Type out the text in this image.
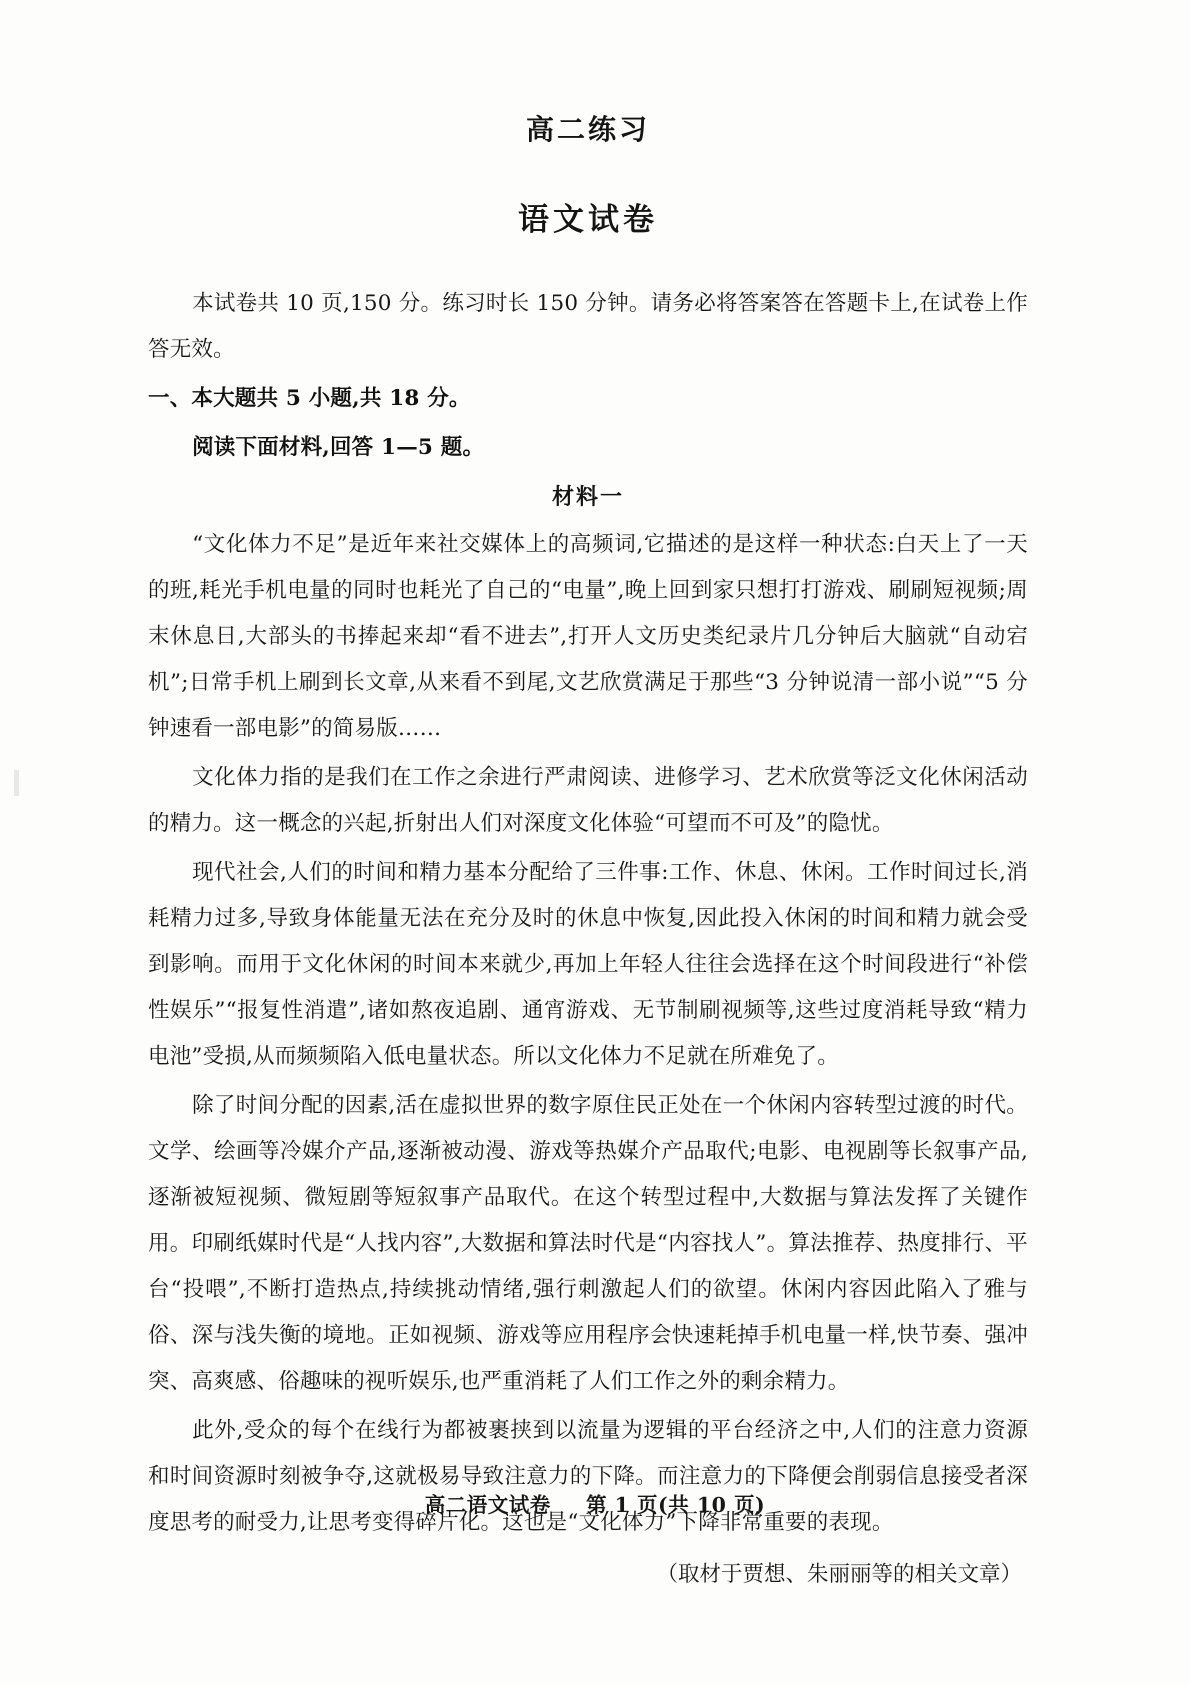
高二练习
语文试卷

本试卷共 10 页,150 分。练习时长 150 分钟。请务必将答案答在答题卡上,在试卷上作答无效。

一、本大题共 5 小题,共 18 分。

阅读下面材料,回答 1—5 题。

材料一

“文化体力不足”是近年来社交媒体上的高频词,它描述的是这样一种状态:白天上了一天的班,耗光手机电量的同时也耗光了自己的“电量”,晚上回到家只想打打游戏、刷刷短视频;周末休息日,大部头的书捧起来却“看不进去”,打开人文历史类纪录片几分钟后大脑就“自动宕机”;日常手机上刷到长文章,从来看不到尾,文艺欣赏满足于那些“3 分钟说清一部小说”“5 分钟速看一部电影”的简易版……

文化体力指的是我们在工作之余进行严肃阅读、进修学习、艺术欣赏等泛文化休闲活动的精力。这一概念的兴起,折射出人们对深度文化体验“可望而不可及”的隐忧。

现代社会,人们的时间和精力基本分配给了三件事:工作、休息、休闲。工作时间过长,消耗精力过多,导致身体能量无法在充分及时的休息中恢复,因此投入休闲的时间和精力就会受到影响。而用于文化休闲的时间本来就少,再加上年轻人往往会选择在这个时间段进行“补偿性娱乐”“报复性消遣”,诸如熬夜追剧、通宵游戏、无节制刷视频等,这些过度消耗导致“精力电池”受损,从而频频陷入低电量状态。所以文化体力不足就在所难免了。

除了时间分配的因素,活在虚拟世界的数字原住民正处在一个休闲内容转型过渡的时代。文学、绘画等冷媒介产品,逐渐被动漫、游戏等热媒介产品取代;电影、电视剧等长叙事产品,逐渐被短视频、微短剧等短叙事产品取代。在这个转型过程中,大数据与算法发挥了关键作用。印刷纸媒时代是“人找内容”,大数据和算法时代是“内容找人”。算法推荐、热度排行、平台“投喂”,不断打造热点,持续挑动情绪,强行刺激起人们的欲望。休闲内容因此陷入了雅与俗、深与浅失衡的境地。正如视频、游戏等应用程序会快速耗掉手机电量一样,快节奏、强冲突、高爽感、俗趣味的视听娱乐,也严重消耗了人们工作之外的剩余精力。

此外,受众的每个在线行为都被裹挟到以流量为逻辑的平台经济之中,人们的注意力资源和时间资源时刻被争夺,这就极易导致注意力的下降。而注意力的下降便会削弱信息接受者深度思考的耐受力,让思考变得碎片化。这也是“文化体力”下降非常重要的表现。

（取材于贾想、朱丽丽等的相关文章）

高二语文试卷 第 1 页(共 10 页)
